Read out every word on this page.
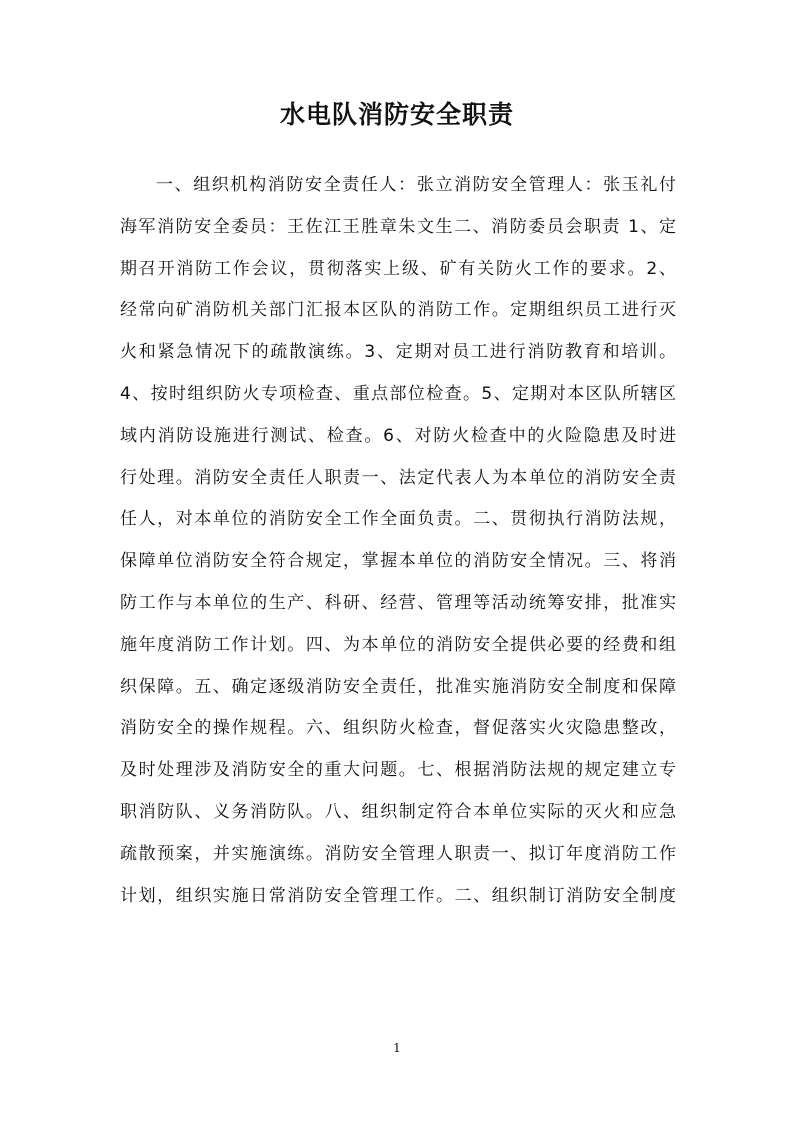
水电队消防安全职责
一、组织机构消防安全责任人：张立消防安全管理人：张玉礼付
海军消防安全委员：王佐江王胜章朱文生二、消防委员会职责 1、定
期召开消防工作会议，贯彻落实上级、矿有关防火工作的要求。2、
经常向矿消防机关部门汇报本区队的消防工作。定期组织员工进行灭
火和紧急情况下的疏散演练。3、定期对员工进行消防教育和培训。
4、按时组织防火专项检查、重点部位检查。5、定期对本区队所辖区
域内消防设施进行测试、检查。6、对防火检查中的火险隐患及时进
行处理。消防安全责任人职责一、法定代表人为本单位的消防安全责
任人，对本单位的消防安全工作全面负责。二、贯彻执行消防法规，
保障单位消防安全符合规定，掌握本单位的消防安全情况。三、将消
防工作与本单位的生产、科研、经营、管理等活动统筹安排，批准实
施年度消防工作计划。四、为本单位的消防安全提供必要的经费和组
织保障。五、确定逐级消防安全责任，批准实施消防安全制度和保障
消防安全的操作规程。六、组织防火检查，督促落实火灾隐患整改，
及时处理涉及消防安全的重大问题。七、根据消防法规的规定建立专
职消防队、义务消防队。八、组织制定符合本单位实际的灭火和应急
疏散预案，并实施演练。消防安全管理人职责一、拟订年度消防工作
计划，组织实施日常消防安全管理工作。二、组织制订消防安全制度
1
